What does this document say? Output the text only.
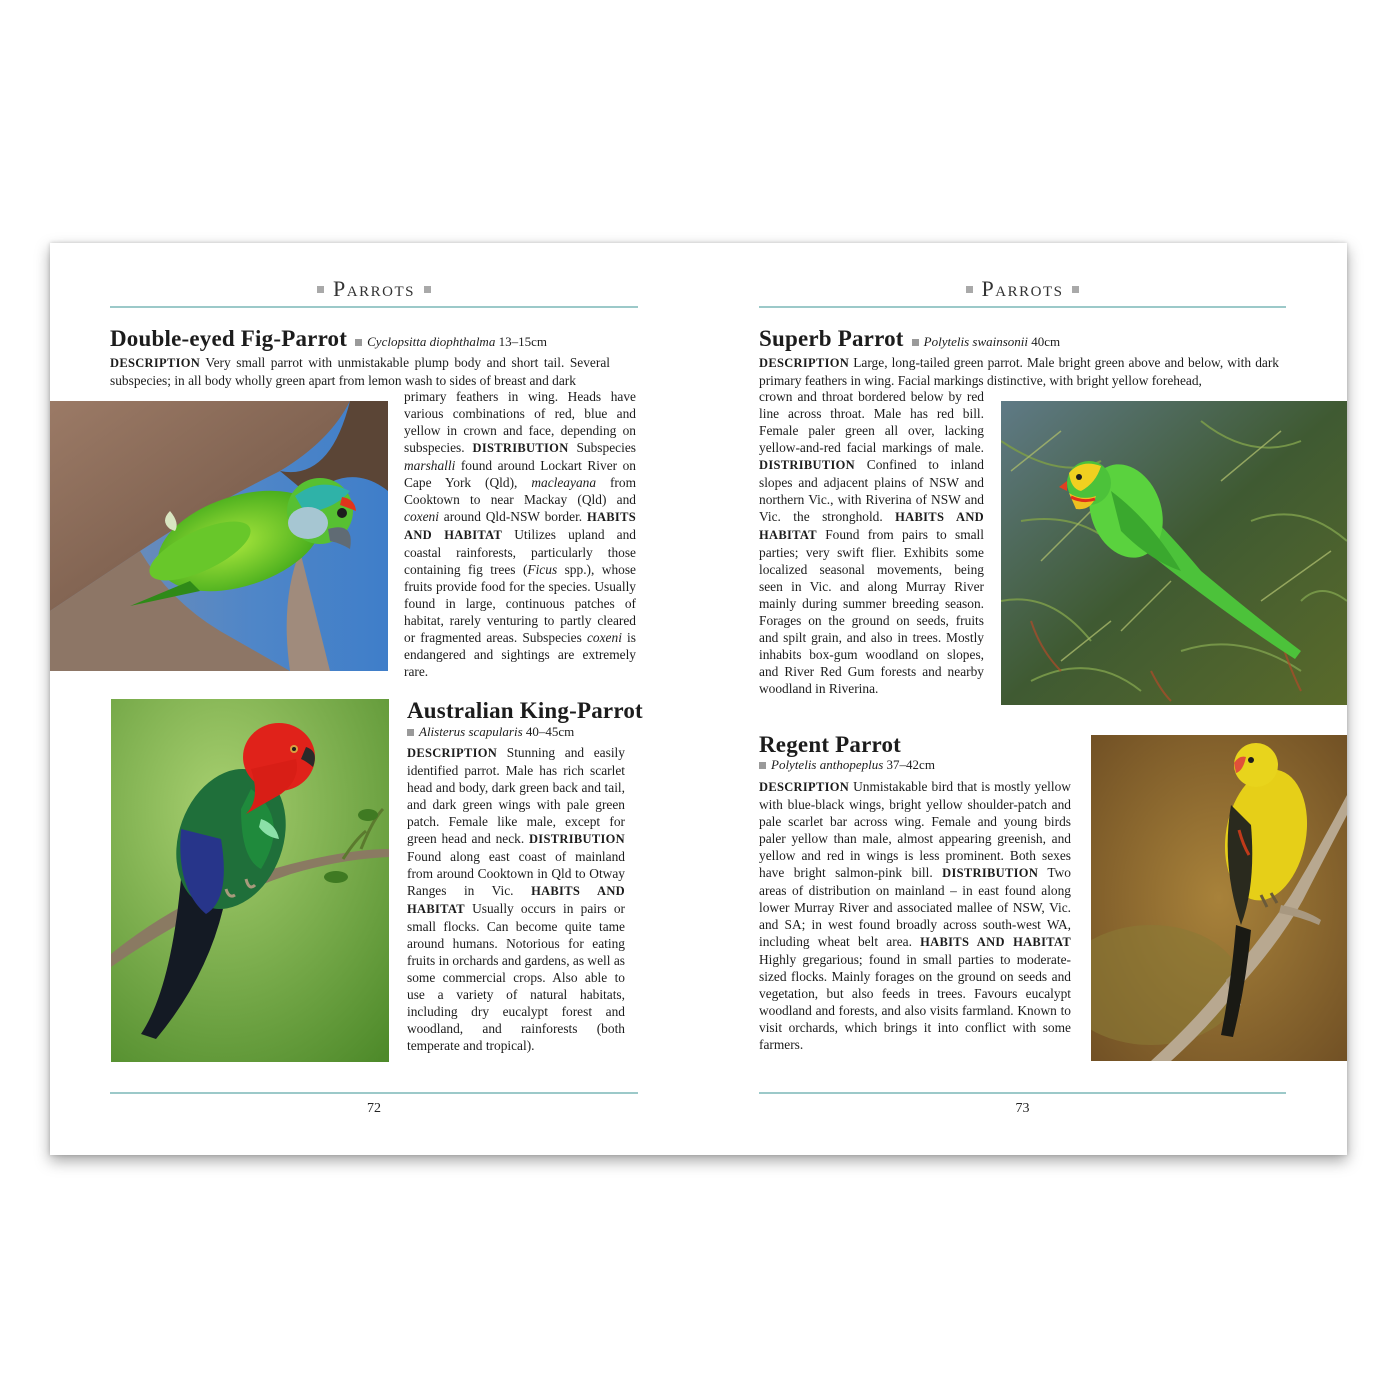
Parrots
Double-eyed Fig-Parrot Cyclopsitta diophthalma 13–15cm
DESCRIPTION Very small parrot with unmistakable plump body and short tail. Several subspecies; in all body wholly green apart from lemon wash to sides of breast and dark
primary feathers in wing. Heads have various combinations of red, blue and yellow in crown and face, depending on subspecies. DISTRIBUTION Subspecies marshalli found around Lockart River on Cape York (Qld), macleayana from Cooktown to near Mackay (Qld) and coxeni around Qld-NSW border. HABITS AND HABITAT Utilizes upland and coastal rainforests, particularly those containing fig trees (Ficus spp.), whose fruits provide food for the species. Usually found in large, continuous patches of habitat, rarely venturing to partly cleared or fragmented areas. Subspecies coxeni is endangered and sightings are extremely rare.
Australian King-Parrot
Alisterus scapularis 40–45cm
DESCRIPTION Stunning and easily identified parrot. Male has rich scarlet head and body, dark green back and tail, and dark green wings with pale green patch. Female like male, except for green head and neck. DISTRIBUTION Found along east coast of mainland from around Cooktown in Qld to Otway Ranges in Vic. HABITS AND HABITAT Usually occurs in pairs or small flocks. Can become quite tame around humans. Notorious for eating fruits in orchards and gardens, as well as some commercial crops. Also able to use a variety of natural habitats, including dry eucalypt forest and woodland, and rainforests (both temperate and tropical).
72
Parrots
Superb Parrot Polytelis swainsonii 40cm
DESCRIPTION Large, long-tailed green parrot. Male bright green above and below, with dark primary feathers in wing. Facial markings distinctive, with bright yellow forehead,
crown and throat bordered below by red line across throat. Male has red bill. Female paler green all over, lacking yellow-and-red facial markings of male. DISTRIBUTION Confined to inland slopes and adjacent plains of NSW and northern Vic., with Riverina of NSW and Vic. the stronghold. HABITS AND HABITAT Found from pairs to small parties; very swift flier. Exhibits some localized seasonal movements, being seen in Vic. and along Murray River mainly during summer breeding season. Forages on the ground on seeds, fruits and spilt grain, and also in trees. Mostly inhabits box-gum woodland on slopes, and River Red Gum forests and nearby woodland in Riverina.
Regent Parrot
Polytelis anthopeplus 37–42cm
DESCRIPTION Unmistakable bird that is mostly yellow with blue-black wings, bright yellow shoulder-patch and pale scarlet bar across wing. Female and young birds paler yellow than male, almost appearing greenish, and yellow and red in wings is less prominent. Both sexes have bright salmon-pink bill. DISTRIBUTION Two areas of distribution on mainland – in east found along lower Murray River and associated mallee of NSW, Vic. and SA; in west found broadly across south-west WA, including wheat belt area. HABITS AND HABITAT Highly gregarious; found in small parties to moderate-sized flocks. Mainly forages on the ground on seeds and vegetation, but also feeds in trees. Favours eucalypt woodland and forests, and also visits farmland. Known to visit orchards, which brings it into conflict with some farmers.
73
